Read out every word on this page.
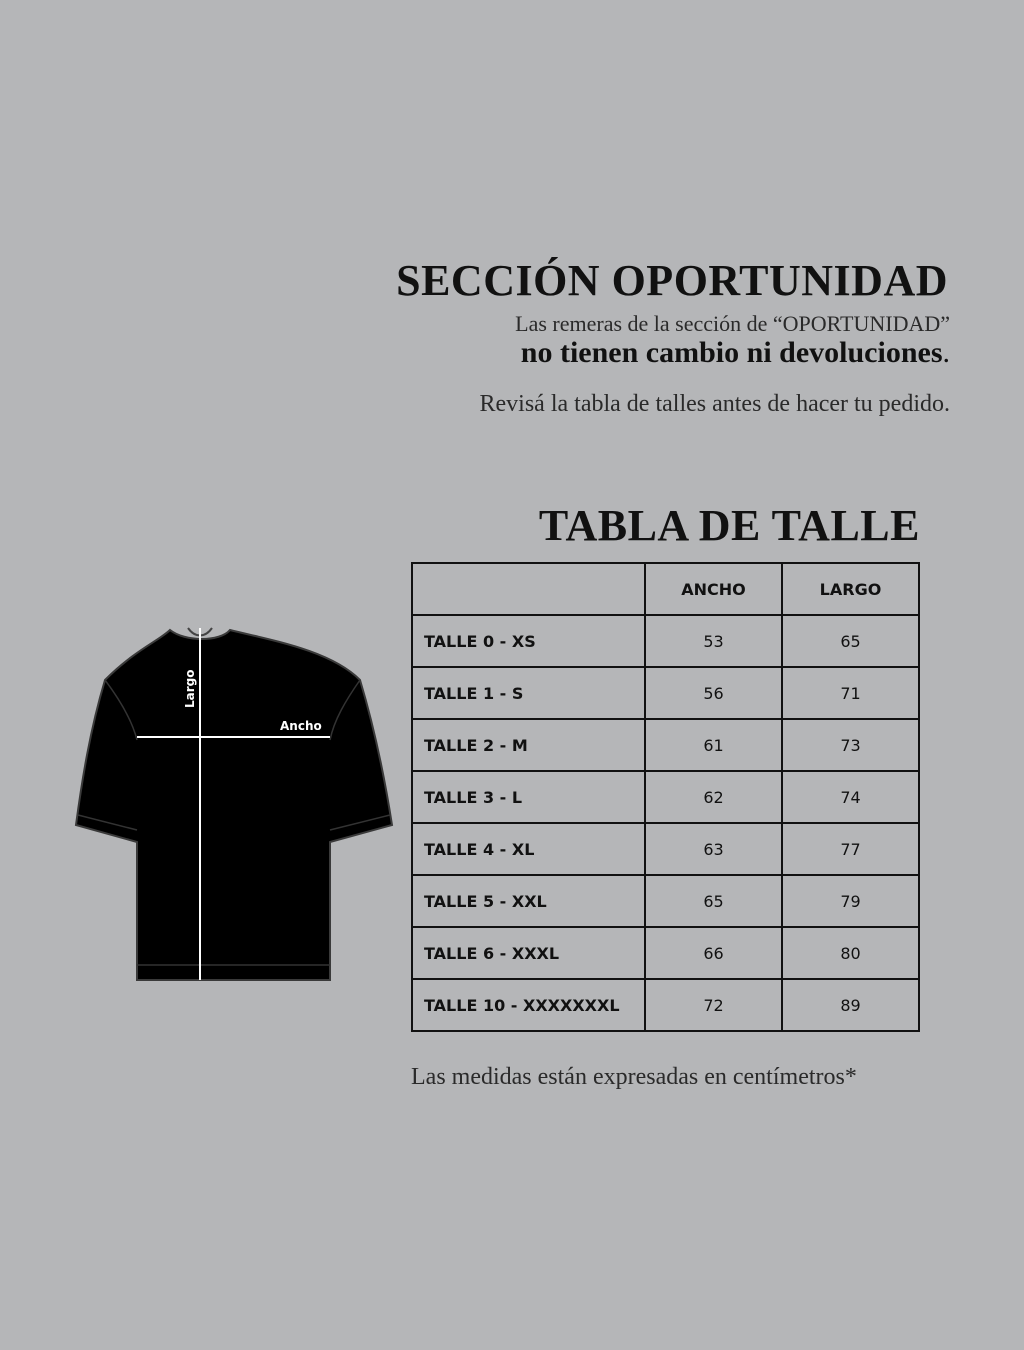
SECCIÓN OPORTUNIDAD

Las remeras de la sección de “OPORTUNIDAD”

no tienen cambio ni devoluciones.

Revisá la tabla de talles antes de hacer tu pedido.

Largo
Ancho
TABLA DE TALLE
	ANCHO	LARGO
TALLE 0 - XS	53	65
TALLE 1 - S	56	71
TALLE 2 - M	61	73
TALLE 3 - L	62	74
TALLE 4 - XL	63	77
TALLE 5 - XXL	65	79
TALLE 6 - XXXL	66	80
TALLE 10 - XXXXXXXL	72	89

Las medidas están expresadas en centímetros*
